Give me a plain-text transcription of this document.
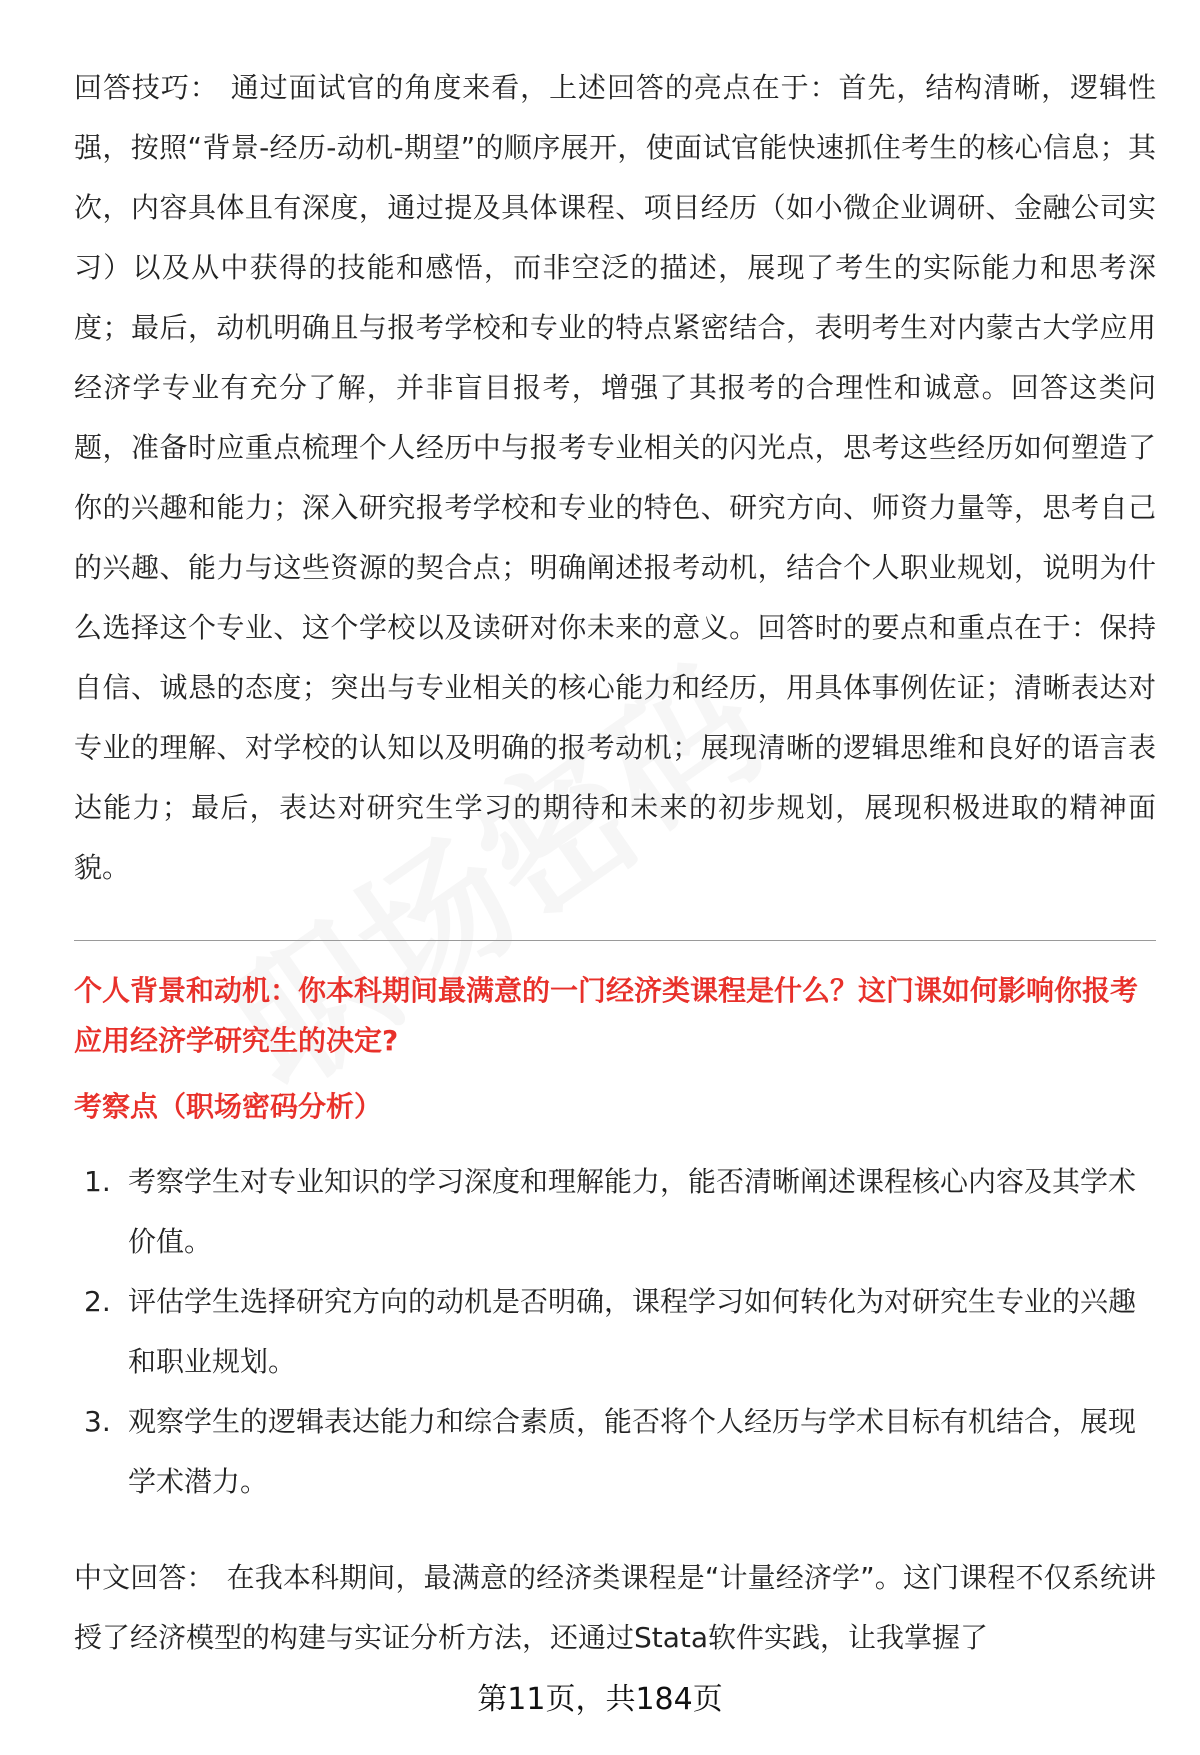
回答技巧： 通过面试官的角度来看，上述回答的亮点在于：首先，结构清晰，逻辑性强，按照“背景-经历-动机-期望”的顺序展开，使面试官能快速抓住考生的核心信息；其次，内容具体且有深度，通过提及具体课程、项目经历（如小微企业调研、金融公司实习）以及从中获得的技能和感悟，而非空泛的描述，展现了考生的实际能力和思考深度；最后，动机明确且与报考学校和专业的特点紧密结合，表明考生对内蒙古大学应用经济学专业有充分了解，并非盲目报考，增强了其报考的合理性和诚意。回答这类问题，准备时应重点梳理个人经历中与报考专业相关的闪光点，思考这些经历如何塑造了你的兴趣和能力；深入研究报考学校和专业的特色、研究方向、师资力量等，思考自己的兴趣、能力与这些资源的契合点；明确阐述报考动机，结合个人职业规划，说明为什么选择这个专业、这个学校以及读研对你未来的意义。回答时的要点和重点在于：保持自信、诚恳的态度；突出与专业相关的核心能力和经历，用具体事例佐证；清晰表达对专业的理解、对学校的认知以及明确的报考动机；展现清晰的逻辑思维和良好的语言表达能力；最后，表达对研究生学习的期待和未来的初步规划，展现积极进取的精神面貌。

个人背景和动机：你本科期间最满意的一门经济类课程是什么？这门课如何影响你报考应用经济学研究生的决定?

考察点（职场密码分析）

1. 考察学生对专业知识的学习深度和理解能力，能否清晰阐述课程核心内容及其学术价值。
2. 评估学生选择研究方向的动机是否明确，课程学习如何转化为对研究生专业的兴趣和职业规划。
3. 观察学生的逻辑表达能力和综合素质，能否将个人经历与学术目标有机结合，展现学术潜力。

中文回答： 在我本科期间，最满意的经济类课程是“计量经济学”。这门课程不仅系统讲授了经济模型的构建与实证分析方法，还通过Stata软件实践，让我掌握了

第11页，共184页
